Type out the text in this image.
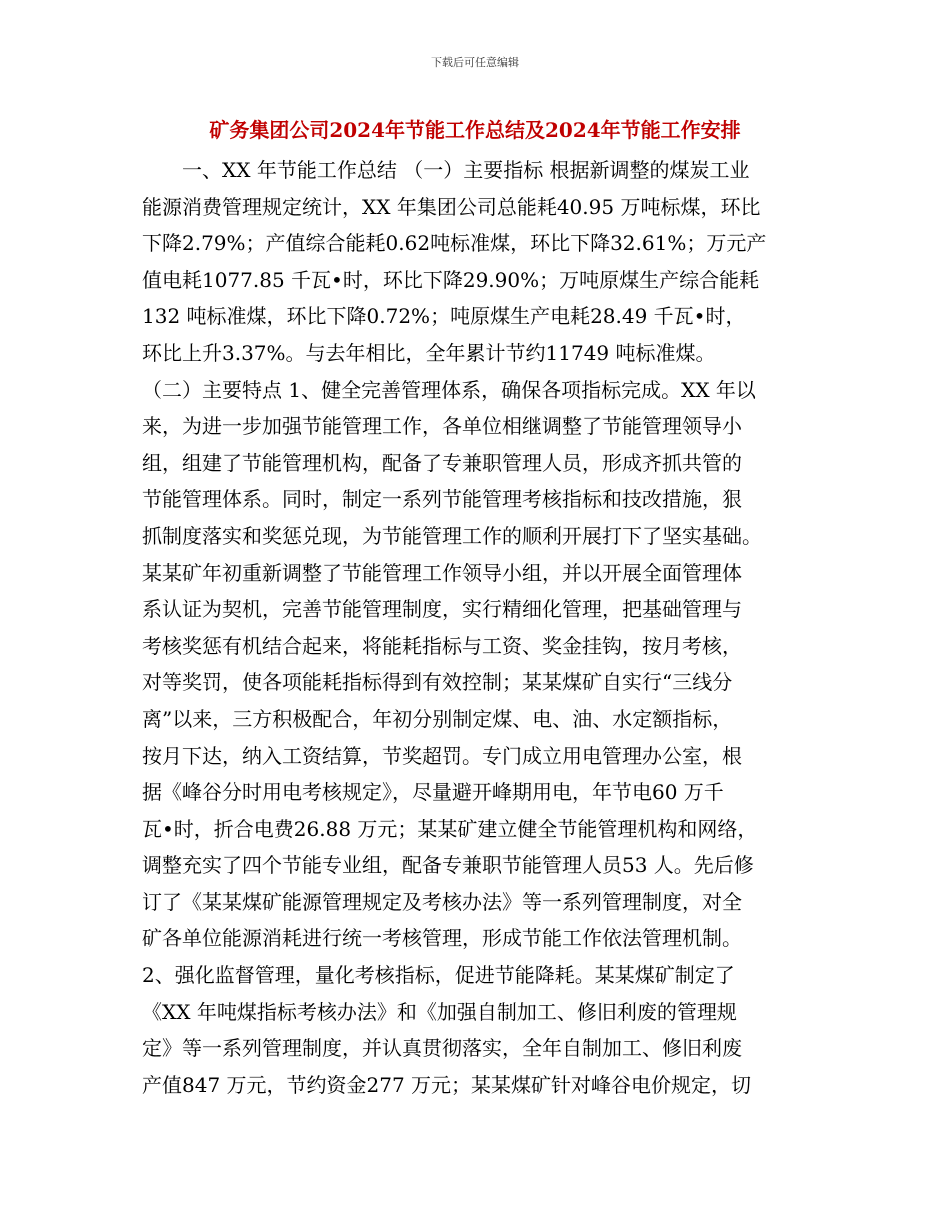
下载后可任意编辑
矿务集团公司2024年节能工作总结及2024年节能工作安排
一、XX 年节能工作总结 （一）主要指标 根据新调整的煤炭工业
能源消费管理规定统计，XX 年集团公司总能耗40.95 万吨标煤，环比
下降2.79%；产值综合能耗0.62吨标准煤，环比下降32.61%；万元产
值电耗1077.85 千瓦•时，环比下降29.90%；万吨原煤生产综合能耗
132 吨标准煤，环比下降0.72%；吨原煤生产电耗28.49 千瓦•时，
环比上升3.37%。与去年相比，全年累计节约11749 吨标准煤。
（二）主要特点 1、健全完善管理体系，确保各项指标完成。XX 年以
来，为进一步加强节能管理工作，各单位相继调整了节能管理领导小
组，组建了节能管理机构，配备了专兼职管理人员，形成齐抓共管的
节能管理体系。同时，制定一系列节能管理考核指标和技改措施，狠
抓制度落实和奖惩兑现，为节能管理工作的顺利开展打下了坚实基础。
某某矿年初重新调整了节能管理工作领导小组，并以开展全面管理体
系认证为契机，完善节能管理制度，实行精细化管理，把基础管理与
考核奖惩有机结合起来，将能耗指标与工资、奖金挂钩，按月考核，
对等奖罚，使各项能耗指标得到有效控制；某某煤矿自实行“三线分
离”以来，三方积极配合，年初分别制定煤、电、油、水定额指标，
按月下达，纳入工资结算，节奖超罚。专门成立用电管理办公室，根
据《峰谷分时用电考核规定》，尽量避开峰期用电，年节电60 万千
瓦•时，折合电费26.88 万元；某某矿建立健全节能管理机构和网络，
调整充实了四个节能专业组，配备专兼职节能管理人员53 人。先后修
订了《某某煤矿能源管理规定及考核办法》等一系列管理制度，对全
矿各单位能源消耗进行统一考核管理，形成节能工作依法管理机制。
2、强化监督管理，量化考核指标，促进节能降耗。某某煤矿制定了
《XX 年吨煤指标考核办法》和《加强自制加工、修旧利废的管理规
定》等一系列管理制度，并认真贯彻落实，全年自制加工、修旧利废
产值847 万元，节约资金277 万元；某某煤矿针对峰谷电价规定，切
